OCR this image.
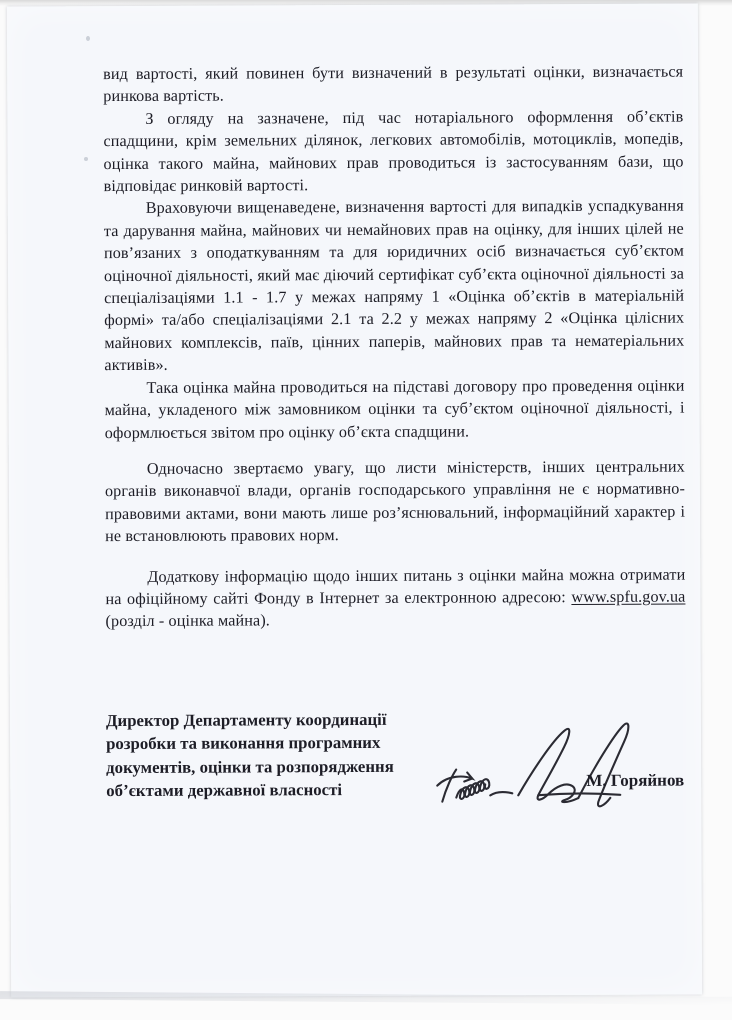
вид вартості, який повинен бути визначений в результаті оцінки, визначається ринкова вартість.

З огляду на зазначене, під час нотаріального оформлення об’єктів спадщини, крім земельних ділянок, легкових автомобілів, мотоциклів, мопедів, оцінка такого майна, майнових прав проводиться із застосуванням бази, що відповідає ринковій вартості.

Враховуючи вищенаведене, визначення вартості для випадків успадкування та дарування майна, майнових чи немайнових прав на оцінку, для інших цілей не пов’язаних з оподаткуванням та для юридичних осіб визначається суб’єктом оціночної діяльності, який має діючий сертифікат суб’єкта оціночної діяльності за спеціалізаціями 1.1 - 1.7 у межах напряму 1 «Оцінка об’єктів в матеріальній формі» та/або спеціалізаціями 2.1 та 2.2 у межах напряму 2 «Оцінка цілісних майнових комплексів, паїв, цінних паперів, майнових прав та нематеріальних активів».

Така оцінка майна проводиться на підставі договору про проведення оцінки майна, укладеного між замовником оцінки та суб’єктом оціночної діяльності, і оформлюється звітом про оцінку об’єкта спадщини.

Одночасно звертаємо увагу, що листи міністерств, інших центральних органів виконавчої влади, органів господарського управління не є нормативно-правовими актами, вони мають лише роз’яснювальний, інформаційний характер і не встановлюють правових норм.

Додаткову інформацію щодо інших питань з оцінки майна можна отримати на офіційному сайті Фонду в Інтернет за електронною адресою: www.spfu.gov.ua (розділ - оцінка майна).

Директор Департаменту координації
розробки та виконання програмних
документів, оцінки та розпорядження
об’єктами державної власності	М. Горяйнов
